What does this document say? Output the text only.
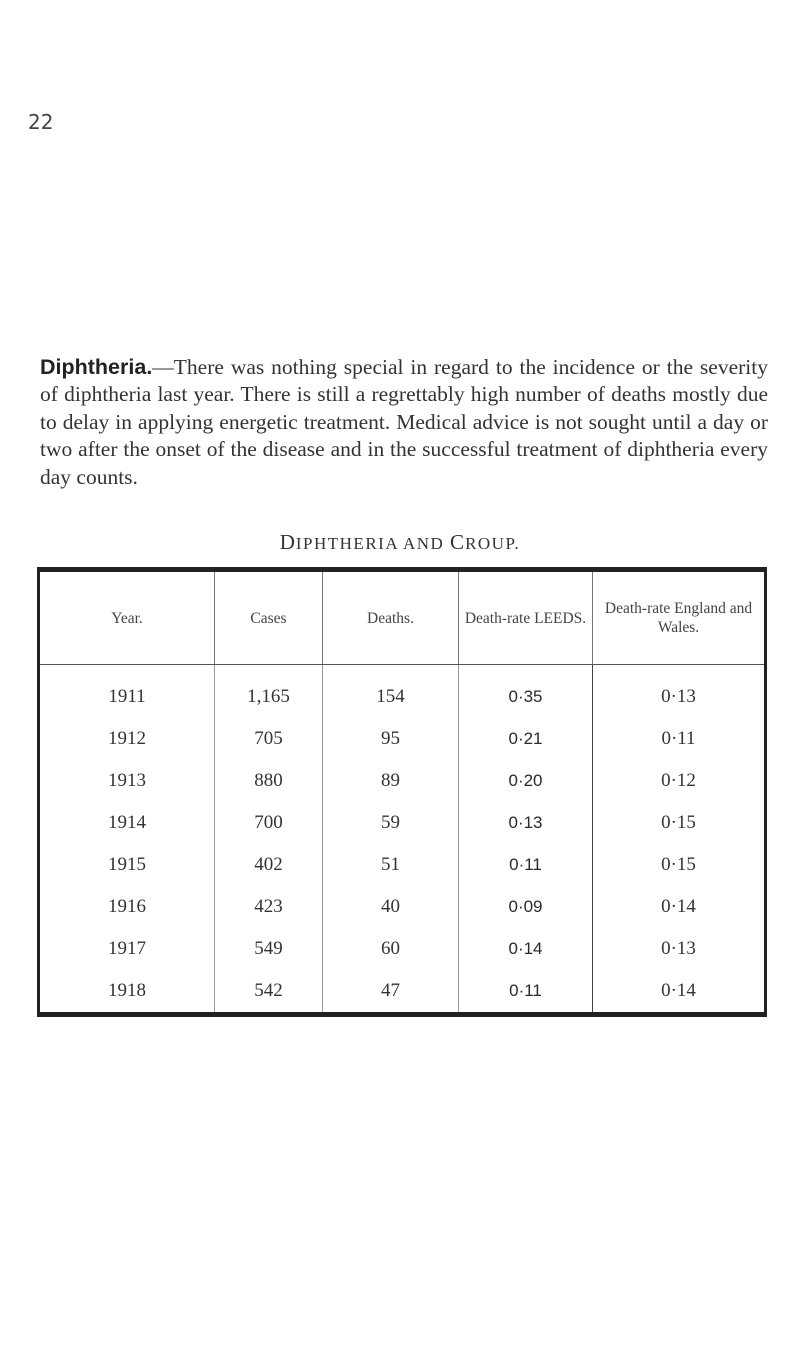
22

Diphtheria.—There was nothing special in regard to the incidence or the severity of diphtheria last year. There is still a regrettably high number of deaths mostly due to delay in applying energetic treatment. Medical advice is not sought until a day or two after the onset of the disease and in the successful treatment of diphtheria every day counts.

DIPHTHERIA AND CROUP.
Year.	Cases	Deaths.	Death-rate LEEDS.	Death-rate England and Wales.
1911	1,165	154	0·35	0·13
1912	705	95	0·21	0·11
1913	880	89	0·20	0·12
1914	700	59	0·13	0·15
1915	402	51	0·11	0·15
1916	423	40	0·09	0·14
1917	549	60	0·14	0·13
1918	542	47	0·11	0·14
